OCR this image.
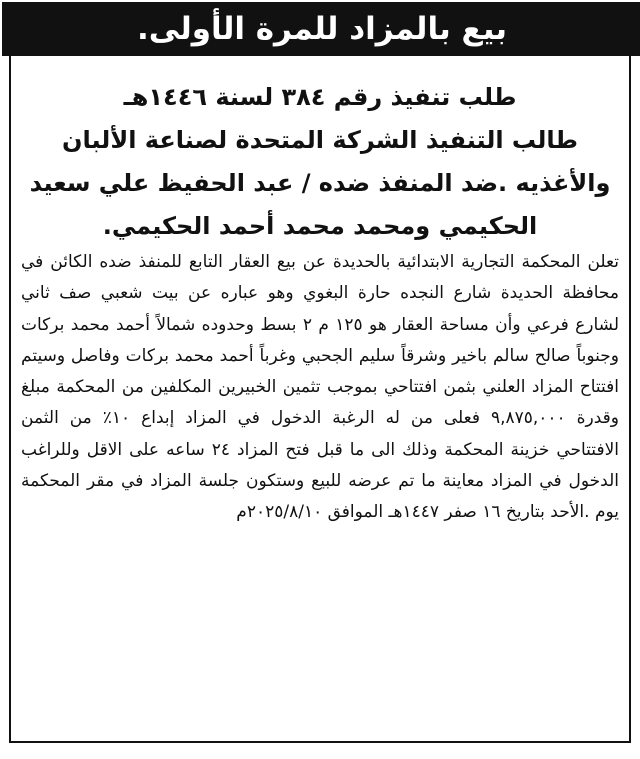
بيع بالمزاد للمرة الأولى.
طلب تنفيذ رقم ٣٨٤ لسنة ١٤٤٦هـ
طالب التنفيذ الشركة المتحدة لصناعة الألبان
والأغذيه .ضد المنفذ ضده / عبد الحفيظ علي سعيد
الحكيمي ومحمد محمد أحمد الحكيمي.
تعلن المحكمة التجارية الابتدائية بالحديدة عن بيع العقار التابع للمنفذ ضده الكائن في محافظة الحديدة شارع النجده حارة البغوي وهو عباره عن بيت شعبي صف ثاني لشارع فرعي وأن مساحة العقار هو ١٢٥ م ٢ بسط وحدوده شمالاً أحمد محمد بركات وجنوباً صالح سالم باخير وشرقاً سليم الجحبي وغرباً أحمد محمد بركات وفاصل وسيتم افتتاح المزاد العلني بثمن افتتاحي بموجب تثمين الخبيرين المكلفين من المحكمة مبلغ وقدرة ٩,٨٧٥,٠٠٠ فعلى من له الرغبة الدخول في المزاد إبداع ١٠٪ من الثمن الافتتاحي خزينة المحكمة وذلك الى ما قبل فتح المزاد ٢٤ ساعه على الاقل وللراغب الدخول في المزاد معاينة ما تم عرضه للبيع وستكون جلسة المزاد في مقر المحكمة يوم .الأحد بتاريخ ١٦ صفر ١٤٤٧هـ الموافق ٢٠٢٥/٨/١٠م
